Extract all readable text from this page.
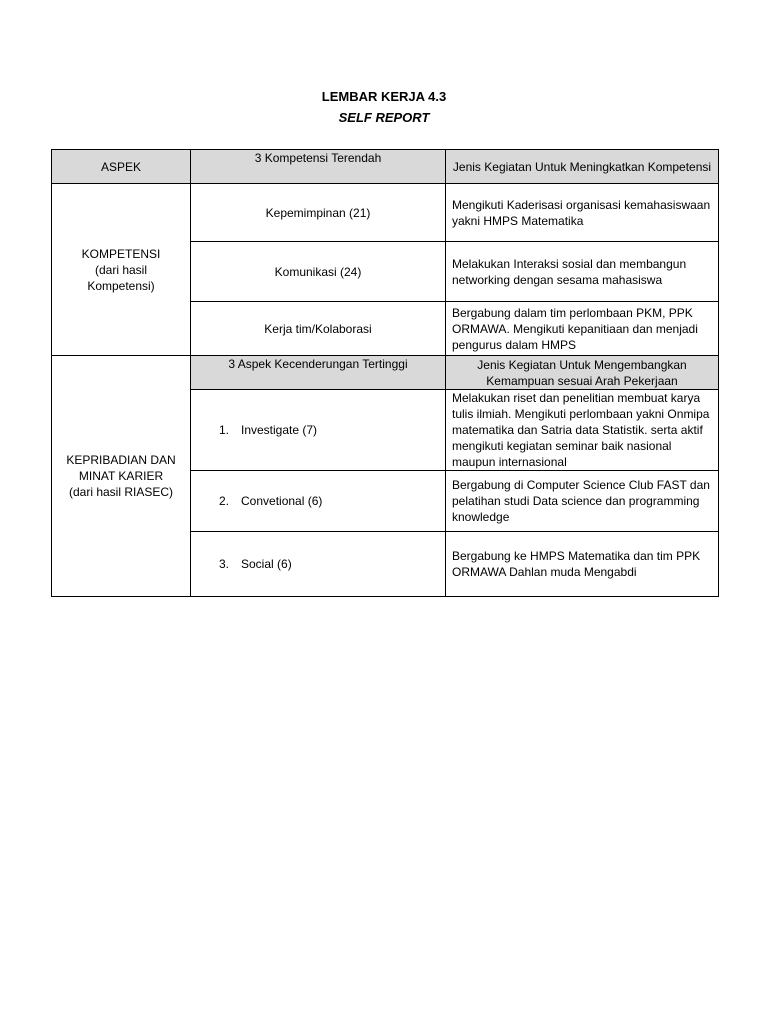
LEMBAR KERJA 4.3
SELF REPORT
ASPEK	3 Kompetensi Terendah	Jenis Kegiatan Untuk Meningkatkan Kompetensi

KOMPETENSI
(dari hasil
Kompetensi)	Kepemimpinan (21)	Mengikuti Kaderisasi organisasi kemahasiswaan yakni HMPS Matematika
	Komunikasi (24)	Melakukan Interaksi sosial dan membangun networking dengan sesama mahasiswa
	Kerja tim/Kolaborasi	Bergabung dalam tim perlombaan PKM, PPK ORMAWA. Mengikuti kepanitiaan dan menjadi pengurus dalam HMPS

KEPRIBADIAN DAN
MINAT KARIER
(dari hasil RIASEC)	3 Aspek Kecenderungan Tertinggi	Jenis Kegiatan Untuk Mengembangkan Kemampuan sesuai Arah Pekerjaan
	1. Investigate (7)	Melakukan riset dan penelitian membuat karya tulis ilmiah. Mengikuti perlombaan yakni Onmipa matematika dan Satria data Statistik. serta aktif mengikuti kegiatan seminar baik nasional maupun internasional
	2. Convetional (6)	Bergabung di Computer Science Club FAST dan pelatihan studi Data science dan programming knowledge
	3. Social (6)	Bergabung ke HMPS Matematika dan tim PPK ORMAWA Dahlan muda Mengabdi
